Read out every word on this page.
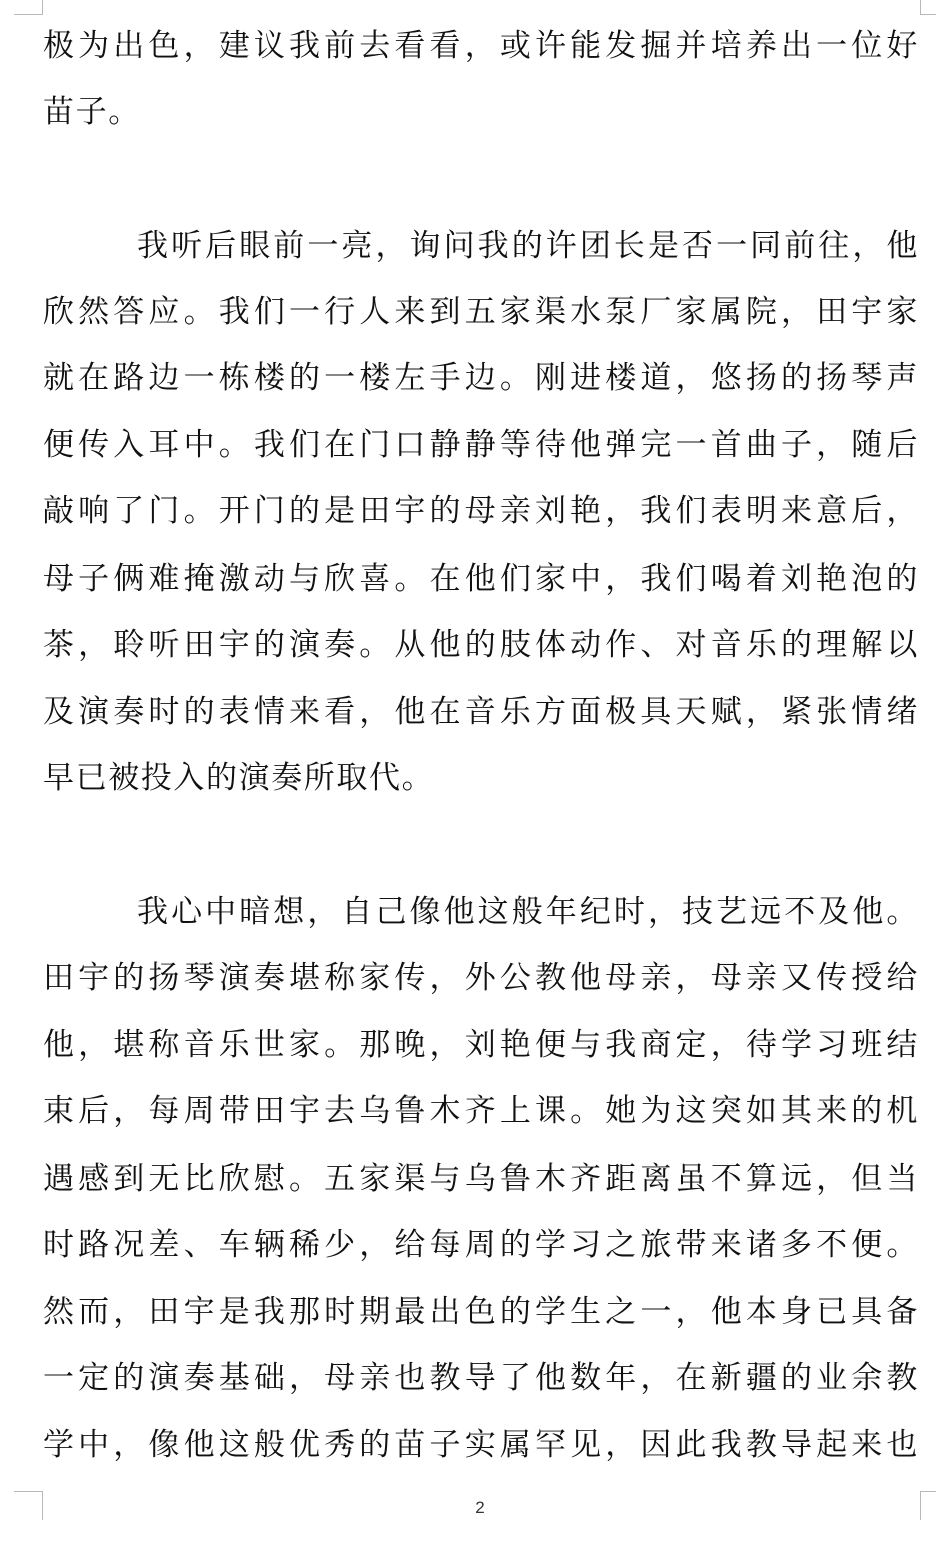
极为出色，建议我前去看看，或许能发掘并培养出一位好
苗子。
我听后眼前一亮，询问我的许团长是否一同前往，他
欣然答应。我们一行人来到五家渠水泵厂家属院，田宇家
就在路边一栋楼的一楼左手边。刚进楼道，悠扬的扬琴声
便传入耳中。我们在门口静静等待他弹完一首曲子，随后
敲响了门。开门的是田宇的母亲刘艳，我们表明来意后，
母子俩难掩激动与欣喜。在他们家中，我们喝着刘艳泡的
茶，聆听田宇的演奏。从他的肢体动作、对音乐的理解以
及演奏时的表情来看，他在音乐方面极具天赋，紧张情绪
早已被投入的演奏所取代。
我心中暗想，自己像他这般年纪时，技艺远不及他。
田宇的扬琴演奏堪称家传，外公教他母亲，母亲又传授给
他，堪称音乐世家。那晚，刘艳便与我商定，待学习班结
束后，每周带田宇去乌鲁木齐上课。她为这突如其来的机
遇感到无比欣慰。五家渠与乌鲁木齐距离虽不算远，但当
时路况差、车辆稀少，给每周的学习之旅带来诸多不便。
然而，田宇是我那时期最出色的学生之一，他本身已具备
一定的演奏基础，母亲也教导了他数年，在新疆的业余教
学中，像他这般优秀的苗子实属罕见，因此我教导起来也
2
